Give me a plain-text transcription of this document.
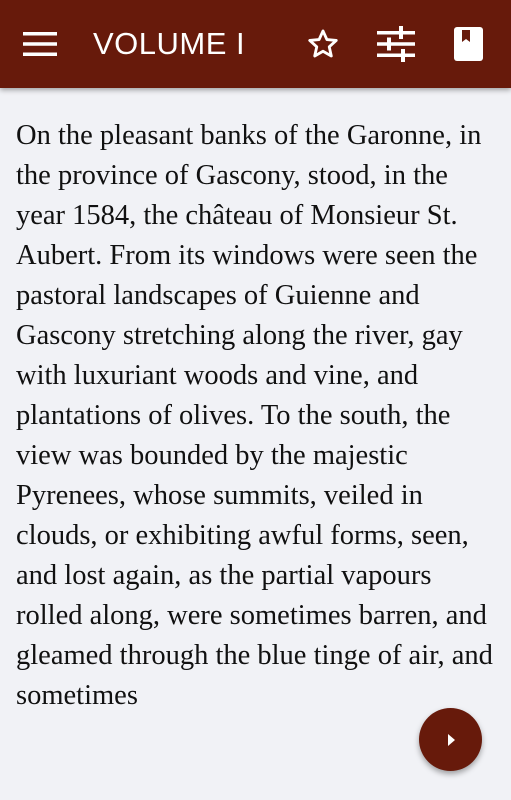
VOLUME I

On the pleasant banks of the Garonne, in the province of Gascony, stood, in the year 1584, the château of Monsieur St. Aubert. From its windows were seen the pastoral landscapes of Guienne and Gascony stretching along the river, gay with luxuriant woods and vine, and plantations of olives. To the south, the view was bounded by the majestic Pyrenees, whose summits, veiled in clouds, or exhibiting awful forms, seen, and lost again, as the partial vapours rolled along, were sometimes barren, and gleamed through the blue tinge of air, and sometimes
